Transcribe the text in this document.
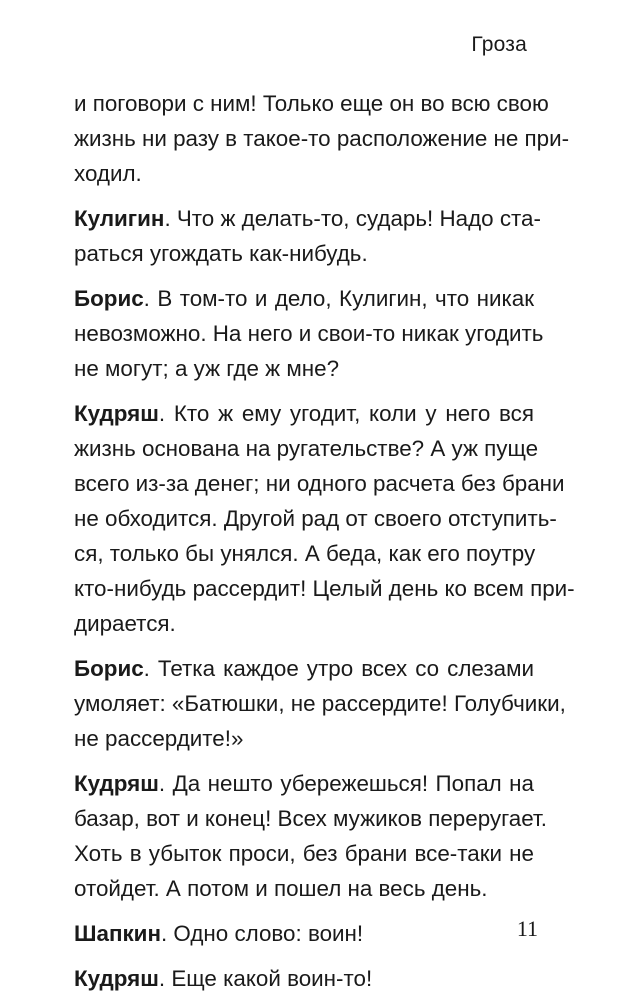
Гроза

и поговори с ним! Только еще он во всю свою
жизнь ни разу в такое-то расположение не при-
ходил.

Кулигин. Что ж делать-то, сударь! Надо ста-
раться угождать как-нибудь.

Борис. В том-то и дело, Кулигин, что никак
невозможно. На него и свои-то никак угодить
не могут; а уж где ж мне?

Кудряш. Кто ж ему угодит, коли у него вся
жизнь основана на ругательстве? А уж пуще
всего из-за денег; ни одного расчета без брани
не обходится. Другой рад от своего отступить-
ся, только бы унялся. А беда, как его поутру
кто-нибудь рассердит! Целый день ко всем при-
дирается.

Борис. Тетка каждое утро всех со слезами
умоляет: «Батюшки, не рассердите! Голубчики,
не рассердите!»

Кудряш. Да нешто убережешься! Попал на
базар, вот и конец! Всех мужиков переругает.
Хоть в убыток проси, без брани все-таки не
отойдет. А потом и пошел на весь день.

Шапкин. Одно слово: воин!

Кудряш. Еще какой воин-то!

11
